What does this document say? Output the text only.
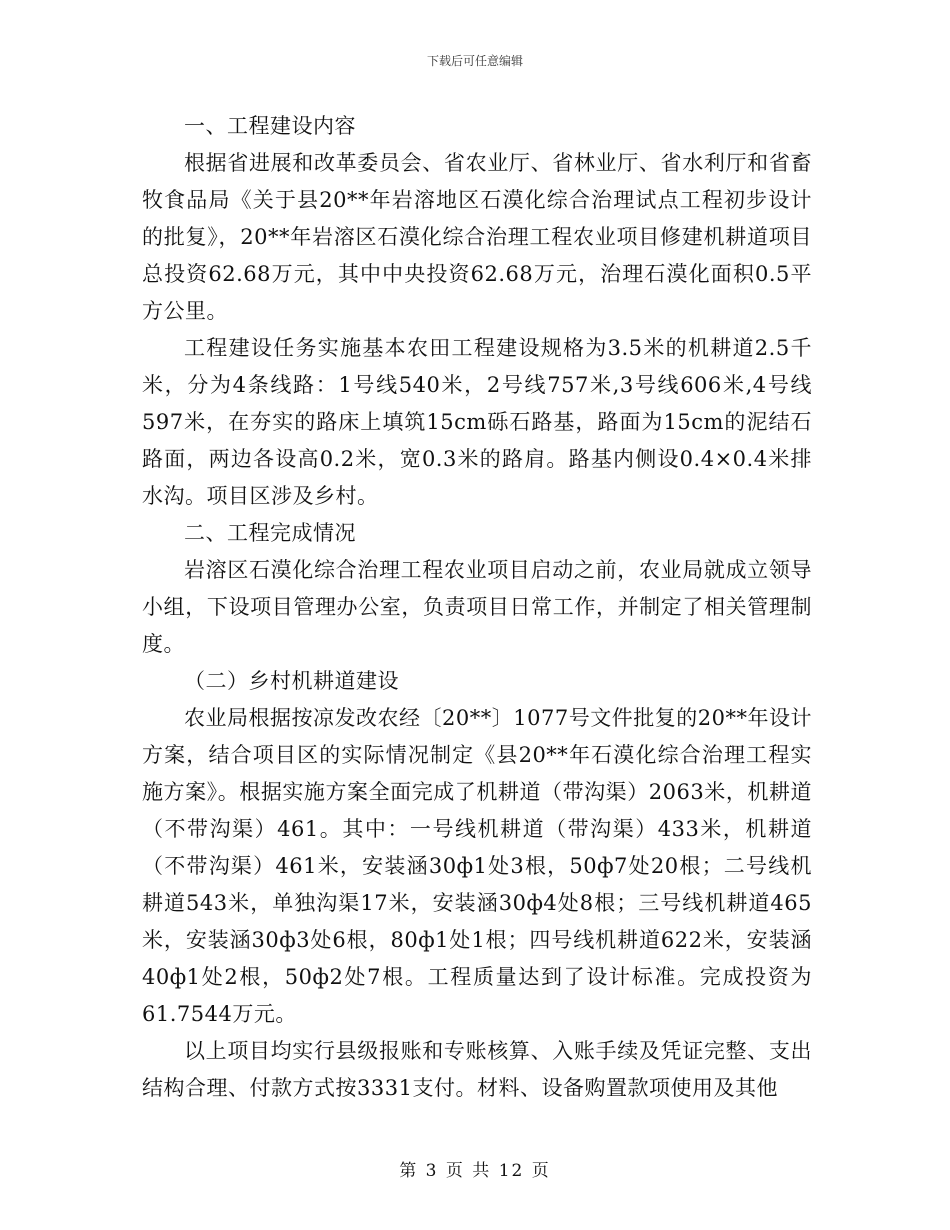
下载后可任意编辑

一、工程建设内容

根据省进展和改革委员会、省农业厅、省林业厅、省水利厅和省畜牧食品局《关于县20**年岩溶地区石漠化综合治理试点工程初步设计的批复》，20**年岩溶区石漠化综合治理工程农业项目修建机耕道项目总投资62.68万元，其中中央投资62.68万元，治理石漠化面积0.5平方公里。

工程建设任务实施基本农田工程建设规格为3.5米的机耕道2.5千米，分为4条线路：1号线540米，2号线757米,3号线606米,4号线597米，在夯实的路床上填筑15cm砾石路基，路面为15cm的泥结石路面，两边各设高0.2米，宽0.3米的路肩。路基内侧设0.4×0.4米排水沟。项目区涉及乡村。

二、工程完成情况

岩溶区石漠化综合治理工程农业项目启动之前，农业局就成立领导小组，下设项目管理办公室，负责项目日常工作，并制定了相关管理制度。

（二）乡村机耕道建设

农业局根据按凉发改农经〔20**〕1077号文件批复的20**年设计方案，结合项目区的实际情况制定《县20**年石漠化综合治理工程实施方案》。根据实施方案全面完成了机耕道（带沟渠）2063米，机耕道（不带沟渠）461。其中：一号线机耕道（带沟渠）433米，机耕道（不带沟渠）461米，安装涵30ф1处3根，50ф7处20根；二号线机耕道543米，单独沟渠17米，安装涵30ф4处8根；三号线机耕道465米，安装涵30ф3处6根，80ф1处1根；四号线机耕道622米，安装涵40ф1处2根，50ф2处7根。工程质量达到了设计标准。完成投资为61.7544万元。

以上项目均实行县级报账和专账核算、入账手续及凭证完整、支出结构合理、付款方式按3331支付。材料、设备购置款项使用及其他

第 3 页 共 12 页
